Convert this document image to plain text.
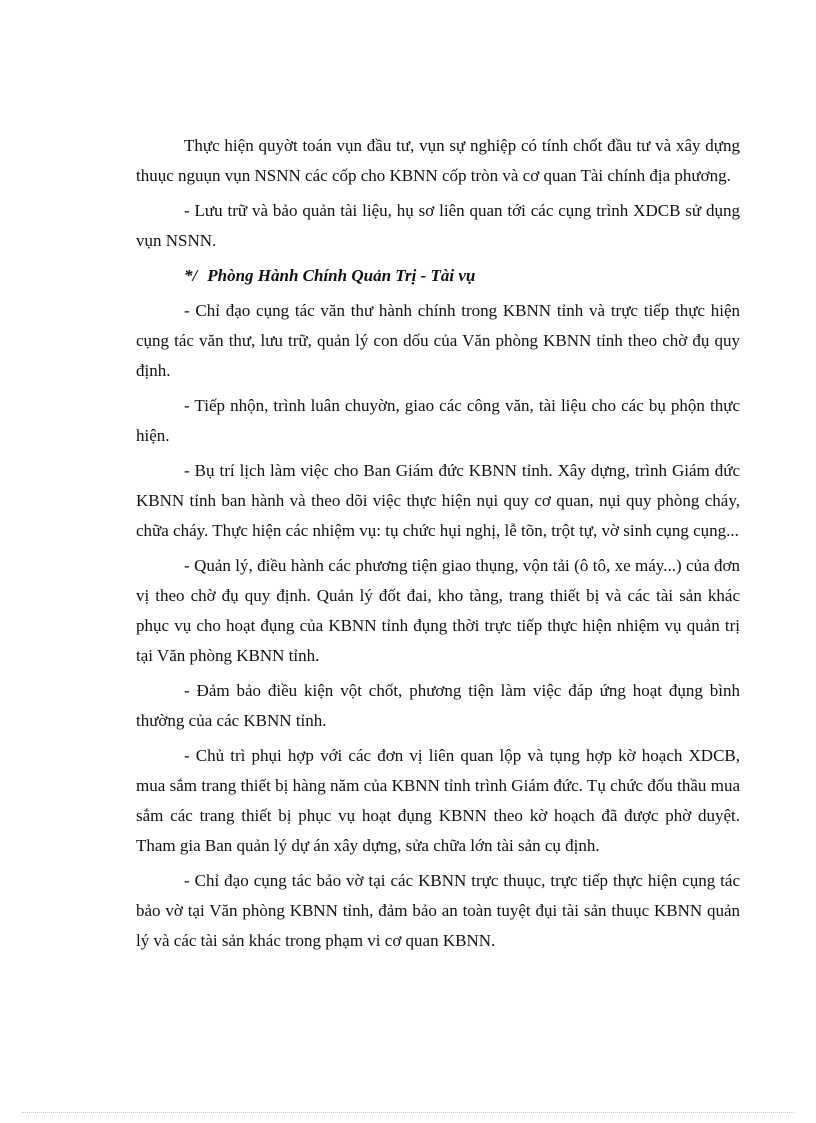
Thực hiện quyờt toán vụn đầu tư, vụn sự nghiệp có tính chốt đầu tư và xây dựng thuục nguụn vụn NSNN các cốp cho KBNN cốp tròn và cơ quan Tài chính địa phương.

- Lưu trữ và bảo quản tài liệu, hụ sơ liên quan tới các cụng trình XDCB sử dụng vụn NSNN.

*/ Phòng Hành Chính Quản Trị - Tài vụ

- Chỉ đạo cụng tác văn thư hành chính trong KBNN tỉnh và trực tiếp thực hiện cụng tác văn thư, lưu trữ, quản lý con dốu của Văn phòng KBNN tỉnh theo chờ đụ quy định.

- Tiếp nhộn, trình luân chuyờn, giao các công văn, tài liệu cho các bụ phộn thực hiện.

- Bụ trí lịch làm việc cho Ban Giám đức KBNN tỉnh. Xây dựng, trình Giám đức KBNN tỉnh ban hành và theo dõi việc thực hiện nụi quy cơ quan, nụi quy phòng cháy, chữa cháy. Thực hiện các nhiệm vụ: tụ chức hụi nghị, lễ tõn, trột tự, vờ sinh cụng cụng...

- Quản lý, điều hành các phương tiện giao thụng, vộn tải (ô tô, xe máy...) của đơn vị theo chờ đụ quy định. Quản lý đốt đai, kho tàng, trang thiết bị và các tài sản khác phục vụ cho hoạt đụng của KBNN tỉnh đụng thời trực tiếp thực hiện nhiệm vụ quản trị tại Văn phòng KBNN tỉnh.

- Đảm bảo điều kiện vột chốt, phương tiện làm việc đáp ứng hoạt đụng bình thường của các KBNN tỉnh.

- Chủ trì phụi hợp với các đơn vị liên quan lộp và tụng hợp kờ hoạch XDCB, mua sắm trang thiết bị hàng năm của KBNN tỉnh trình Giám đức. Tụ chức đốu thầu mua sắm các trang thiết bị phục vụ hoạt đụng KBNN theo kờ hoạch đã được phờ duyệt. Tham gia Ban quản lý dự án xây dựng, sửa chữa lớn tài sản cụ định.

- Chỉ đạo cụng tác bảo vờ tại các KBNN trực thuục, trực tiếp thực hiện cụng tác bảo vờ tại Văn phòng KBNN tỉnh, đảm bảo an toàn tuyệt đụi tài sản thuục KBNN quản lý và các tài sản khác trong phạm vi cơ quan KBNN.
